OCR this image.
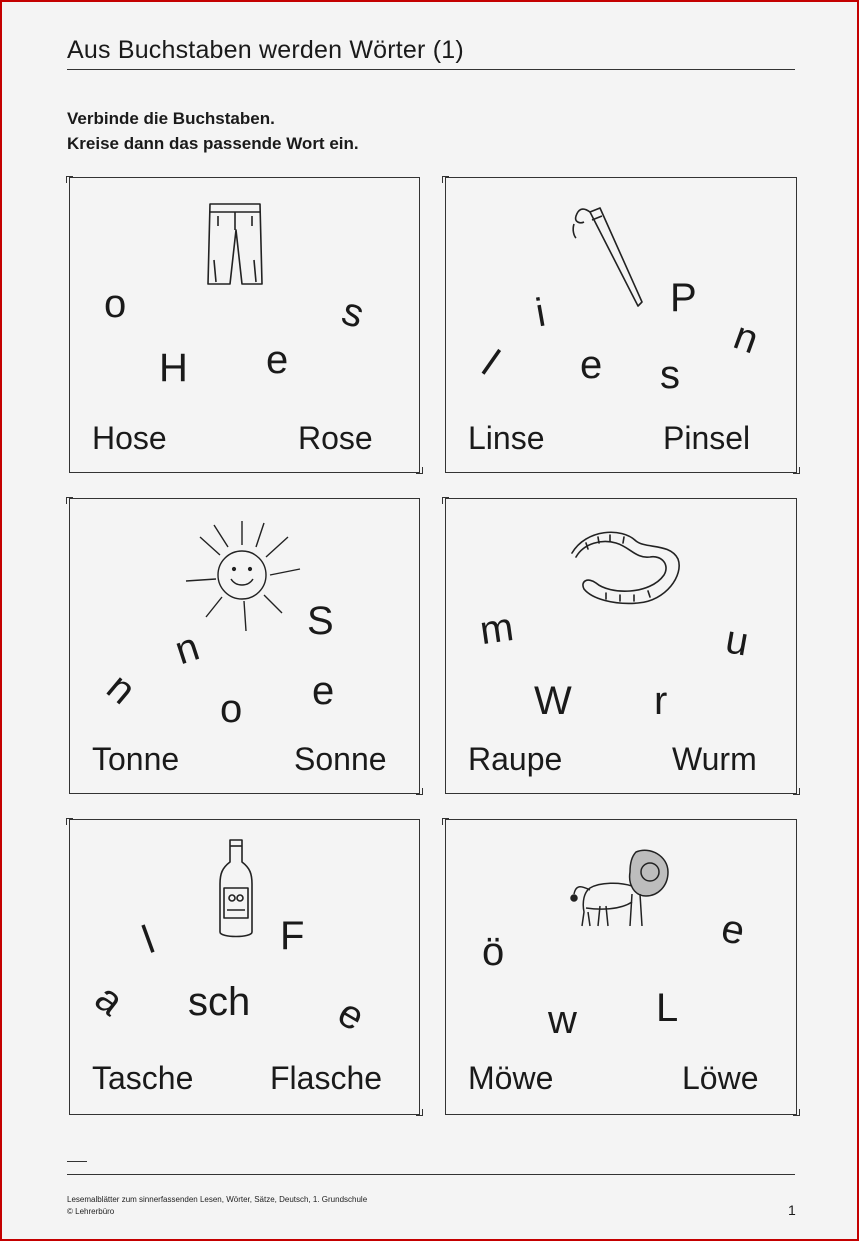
Aus Buchstaben werden Wörter (1)
Verbinde die Buchstaben.
Kreise dann das passende Wort ein.
o	s
H e
Hose	Rose
i	P
l e s
n
Linse	Pinsel
S
n
n o e
Tonne	Sonne
m	u
W r
Raupe	Wurm
l	F
a sch e
Tasche Flasche
e
ö
L
w
Möwe	Löwe
Lesemalblätter zum sinnerfassenden Lesen, Wörter, Sätze, Deutsch, 1. Grundschule
© Lehrerbüro	1
